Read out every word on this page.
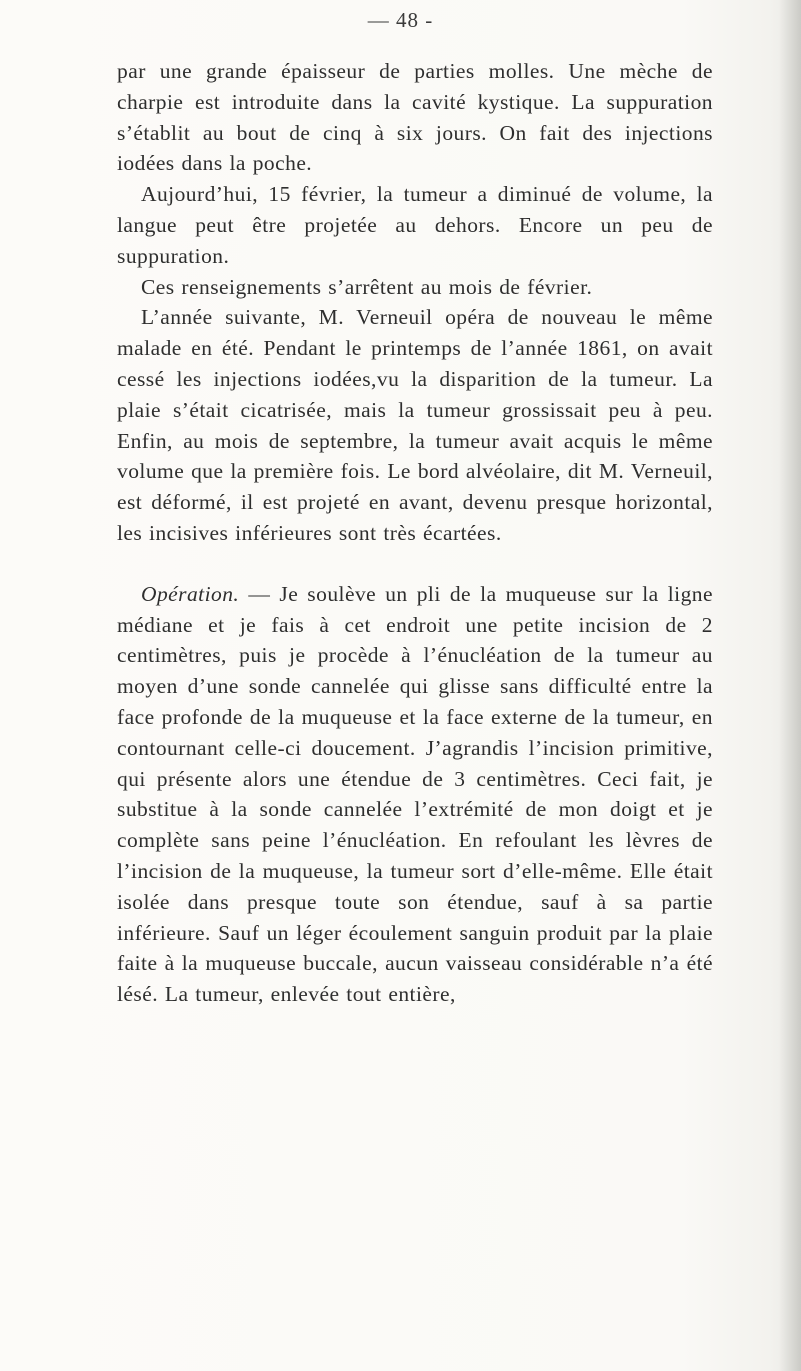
— 48 -

par une grande épaisseur de parties molles. Une mèche de charpie est introduite dans la cavité kystique. La suppuration s’établit au bout de cinq à six jours. On fait des injections iodées dans la poche.

Aujourd’hui, 15 février, la tumeur a diminué de volume, la langue peut être projetée au dehors. Encore un peu de suppuration.

Ces renseignements s’arrêtent au mois de février.

L’année suivante, M. Verneuil opéra de nouveau le même malade en été. Pendant le printemps de l’année 1861, on avait cessé les injections iodées,vu la disparition de la tumeur. La plaie s’était cicatrisée, mais la tumeur grossissait peu à peu. Enfin, au mois de septembre, la tumeur avait acquis le même volume que la première fois. Le bord alvéolaire, dit M. Verneuil, est déformé, il est projeté en avant, devenu presque horizontal, les incisives inférieures sont très écartées.

Opération. — Je soulève un pli de la muqueuse sur la ligne médiane et je fais à cet endroit une petite incision de 2 centimètres, puis je procède à l’énucléation de la tumeur au moyen d’une sonde cannelée qui glisse sans difficulté entre la face profonde de la muqueuse et la face externe de la tumeur, en contournant celle-ci doucement. J’agrandis l’incision primitive, qui présente alors une étendue de 3 centimètres. Ceci fait, je substitue à la sonde cannelée l’extrémité de mon doigt et je complète sans peine l’énucléation. En refoulant les lèvres de l’incision de la muqueuse, la tumeur sort d’elle-même. Elle était isolée dans presque toute son étendue, sauf à sa partie inférieure. Sauf un léger écoulement sanguin produit par la plaie faite à la muqueuse buccale, aucun vaisseau considérable n’a été lésé. La tumeur, enlevée tout entière,
